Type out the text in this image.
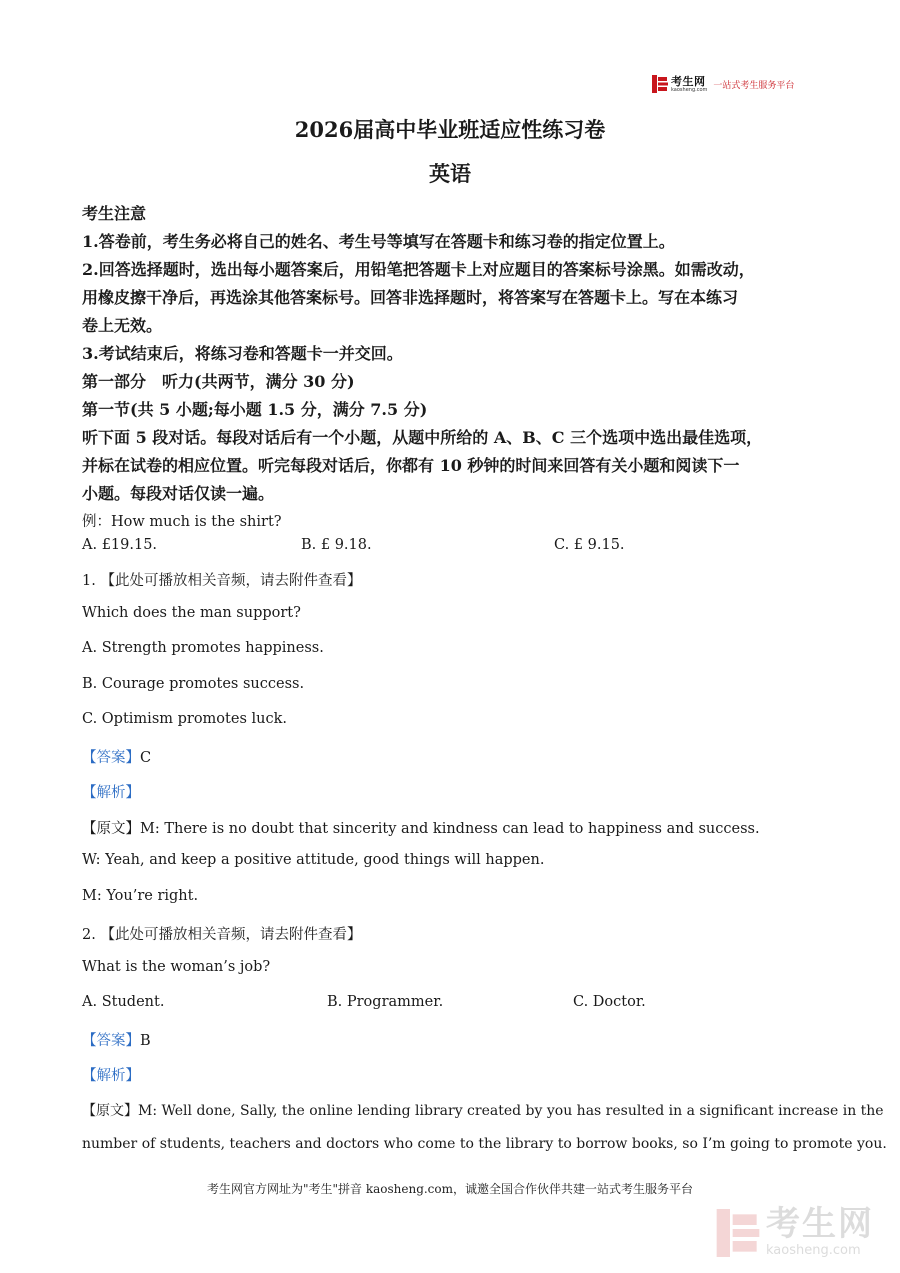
考生网
kaosheng.com 一站式考生服务平台
2026届高中毕业班适应性练习卷
英语
考生注意
1.答卷前，考生务必将自己的姓名、考生号等填写在答题卡和练习卷的指定位置上。
2.回答选择题时，选出每小题答案后，用铅笔把答题卡上对应题目的答案标号涂黑。如需改动，
用橡皮擦干净后，再选涂其他答案标号。回答非选择题时，将答案写在答题卡上。写在本练习
卷上无效。
3.考试结束后，将练习卷和答题卡一并交回。
第一部分　听力(共两节，满分 30 分)
第一节(共 5 小题;每小题 1.5 分，满分 7.5 分)
听下面 5 段对话。每段对话后有一个小题，从题中所给的 A、B、C 三个选项中选出最佳选项，
并标在试卷的相应位置。听完每段对话后，你都有 10 秒钟的时间来回答有关小题和阅读下一
小题。每段对话仅读一遍。
例：How much is the shirt?
A. £19.15.	B. £ 9.18.	C. £ 9.15.
1. 【此处可播放相关音频，请去附件查看】
Which does the man support?
A. Strength promotes happiness.
B. Courage promotes success.
C. Optimism promotes luck.
【答案】C
【解析】
【原文】M: There is no doubt that sincerity and kindness can lead to happiness and success.
W: Yeah, and keep a positive attitude, good things will happen.
M: You’re right.
2. 【此处可播放相关音频，请去附件查看】
What is the woman’s job?
A. Student.	B. Programmer.	C. Doctor.
【答案】B
【解析】
【原文】M: Well done, Sally, the online lending library created by you has resulted in a significant increase in the
number of students, teachers and doctors who come to the library to borrow books, so I’m going to promote you.
考生网官方网址为"考生"拼音 kaosheng.com，诚邀全国合作伙伴共建一站式考生服务平台
考生网
kaosheng.com
